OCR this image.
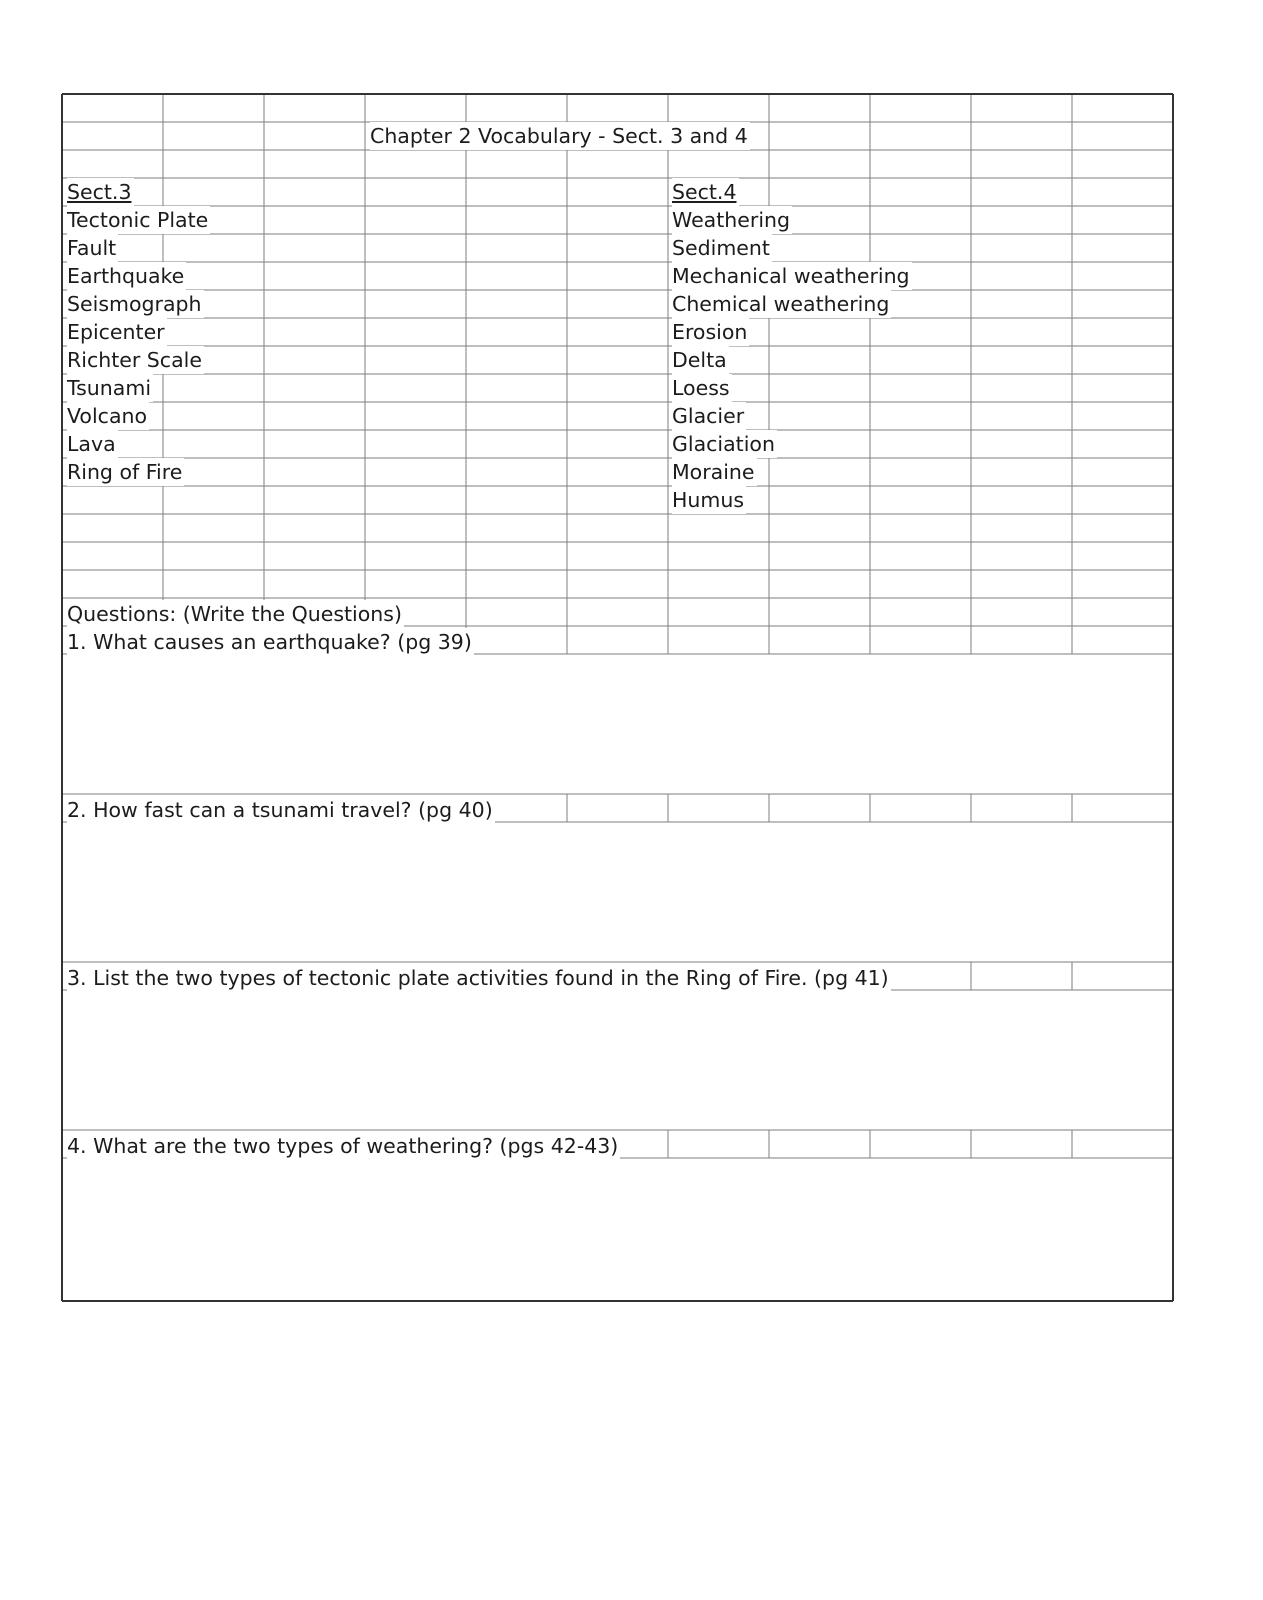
Chapter 2 Vocabulary - Sect. 3 and 4
Sect.3
Tectonic Plate
Fault
Earthquake
Seismograph
Epicenter
Richter Scale
Tsunami
Volcano
Lava
Ring of Fire
Sect.4
Weathering
Sediment
Mechanical weathering
Chemical weathering
Erosion
Delta
Loess
Glacier
Glaciation
Moraine
Humus
Questions: (Write the Questions)
1. What causes an earthquake? (pg 39)
2. How fast can a tsunami travel? (pg 40)
3. List the two types of tectonic plate activities found in the Ring of Fire. (pg 41)
4. What are the two types of weathering? (pgs 42-43)
